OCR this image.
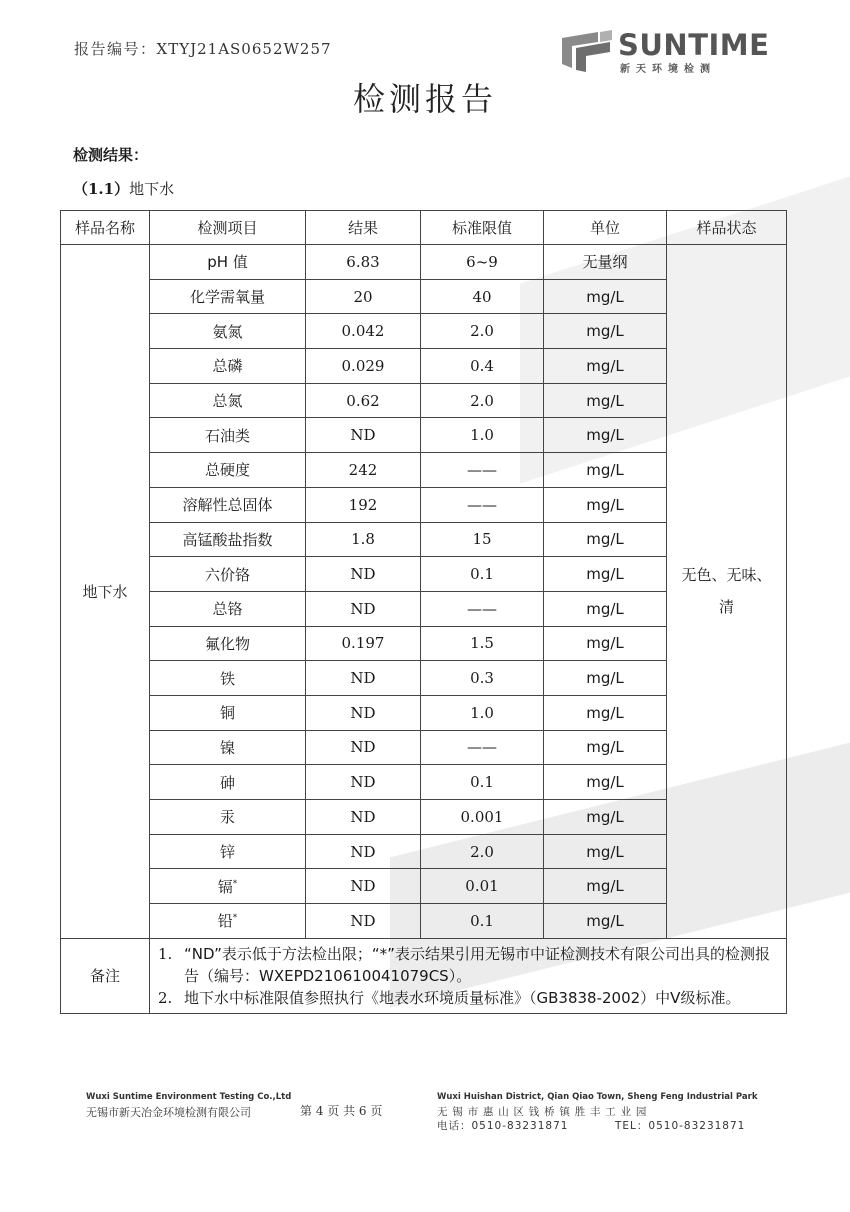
报告编号：XTYJ21AS0652W257	SUNTIME
新天环境检测
检测报告
检测结果：
（1.1）地下水
样品名称	检测项目	结果	标准限值	单位	样品状态
地下水	pH 值	6.83	6~9	无量纲	无色、无味、
清
	化学需氧量	20	40	mg/L	
	氨氮	0.042	2.0	mg/L	
	总磷	0.029	0.4	mg/L	
	总氮	0.62	2.0	mg/L	
	石油类	ND	1.0	mg/L	
	总硬度	242	——	mg/L	
	溶解性总固体	192	——	mg/L	
	高锰酸盐指数	1.8	15	mg/L	
	六价铬	ND	0.1	mg/L	
	总铬	ND	——	mg/L	
	氟化物	0.197	1.5	mg/L	
	铁	ND	0.3	mg/L	
	铜	ND	1.0	mg/L	
	镍	ND	——	mg/L	
	砷	ND	0.1	mg/L	
	汞	ND	0.001	mg/L	
	锌	ND	2.0	mg/L	
	镉*	ND	0.01	mg/L	
	铅*	ND	0.1	mg/L	
备注	1. “ND”表示低于方法检出限；“*”表示结果引用无锡市中证检测技术有限公司出具的检测报告（编号：WXEPD210610041079CS）。
2. 地下水中标准限值参照执行《地表水环境质量标准》（GB3838-2002）中Ⅴ级标准。				
Wuxi Suntime Environment Testing Co.,Ltd
无锡市新天冶金环境检测有限公司	第 4 页 共 6 页
Wuxi Huishan District, Qian Qiao Town, Sheng Feng Industrial Park
无锡市惠山区钱桥镇胜丰工业园
电话：0510-83231871	TEL：0510-83231871
